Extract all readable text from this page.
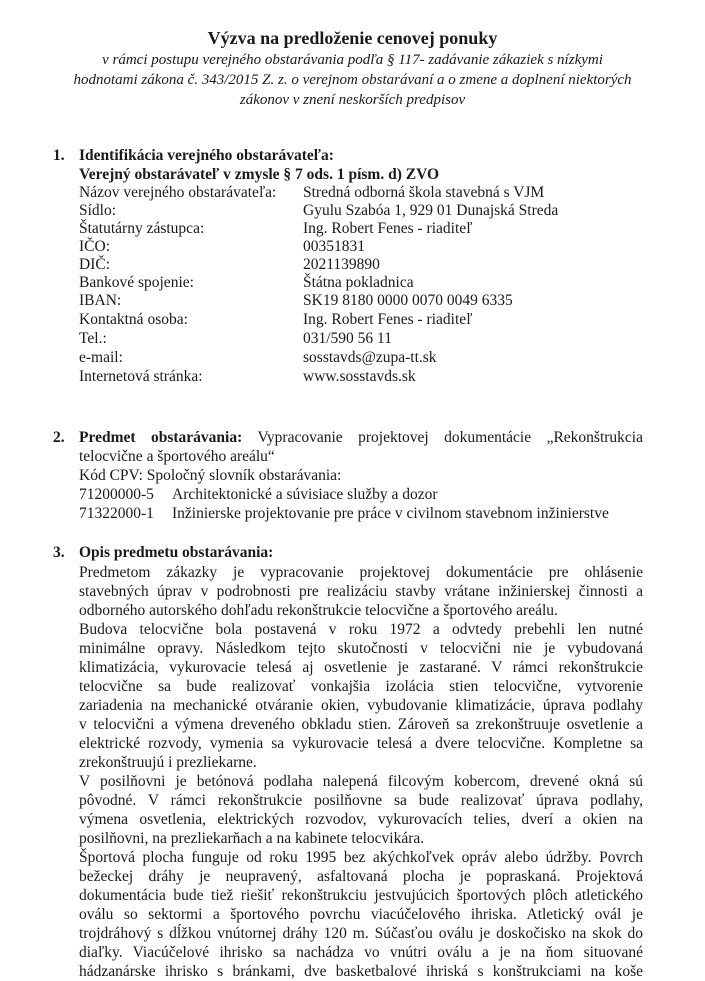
Výzva na predloženie cenovej ponuky
v rámci postupu verejného obstarávania podľa § 117- zadávanie zákaziek s nízkymi
hodnotami zákona č. 343/2015 Z. z. o verejnom obstarávaní a o zmene a doplnení niektorých
zákonov v znení neskorších predpisov
1. Identifikácia verejného obstarávateľa:
Verejný obstarávateľ v zmysle § 7 ods. 1 písm. d) ZVO
Názov verejného obstarávateľa: Stredná odborná škola stavebná s VJM
Sídlo:	Gyulu Szabóa 1, 929 01 Dunajská Streda
Štatutárny zástupca:	Ing. Robert Fenes - riaditeľ
IČO:	00351831
DIČ:	2021139890
Bankové spojenie:	Štátna pokladnica
IBAN:	SK19 8180 0000 0070 0049 6335
Kontaktná osoba:	Ing. Robert Fenes - riaditeľ
Tel.:	031/590 56 11
e-mail:	sosstavds@zupa-tt.sk
Internetová stránka:	www.sosstavds.sk
2. Predmet obstarávania: Vypracovanie projektovej dokumentácie „Rekonštrukcia
telocvične a športového areálu“
Kód CPV: Spoločný slovník obstarávania:
71200000-5 Architektonické a súvisiace služby a dozor
71322000-1 Inžinierske projektovanie pre práce v civilnom stavebnom inžinierstve
3. Opis predmetu obstarávania:
Predmetom zákazky je vypracovanie projektovej dokumentácie pre ohlásenie
stavebných úprav v podrobnosti pre realizáciu stavby vrátane inžinierskej činnosti a
odborného autorského dohľadu rekonštrukcie telocvične a športového areálu.
Budova telocvične bola postavená v roku 1972 a odvtedy prebehli len nutné
minimálne opravy. Následkom tejto skutočnosti v telocvični nie je vybudovaná
klimatizácia, vykurovacie telesá aj osvetlenie je zastarané. V rámci rekonštrukcie
telocvične sa bude realizovať vonkajšia izolácia stien telocvične, vytvorenie
zariadenia na mechanické otváranie okien, vybudovanie klimatizácie, úprava podlahy
v telocvični a výmena dreveného obkladu stien. Zároveň sa zrekonštruuje osvetlenie a
elektrické rozvody, vymenia sa vykurovacie telesá a dvere telocvične. Kompletne sa
zrekonštruujú i prezliekarne.
V posilňovni je betónová podlaha nalepená filcovým kobercom, drevené okná sú
pôvodné. V rámci rekonštrukcie posilňovne sa bude realizovať úprava podlahy,
výmena osvetlenia, elektrických rozvodov, vykurovacích telies, dverí a okien na
posilňovni, na prezliekarňach a na kabinete telocvikára.
Športová plocha funguje od roku 1995 bez akýchkoľvek opráv alebo údržby. Povrch
bežeckej dráhy je neupravený, asfaltovaná plocha je popraskaná. Projektová
dokumentácia bude tiež riešiť rekonštrukciu jestvujúcich športových plôch atletického
oválu so sektormi a športového povrchu viacúčelového ihriska. Atletický ovál je
trojdráhový s dĺžkou vnútornej dráhy 120 m. Súčasťou oválu je doskočisko na skok do
diaľky. Viacúčelové ihrisko sa nachádza vo vnútri oválu a je na ňom situované
hádzanárske ihrisko s bránkami, dve basketbalové ihriská s konštrukciami na koše
